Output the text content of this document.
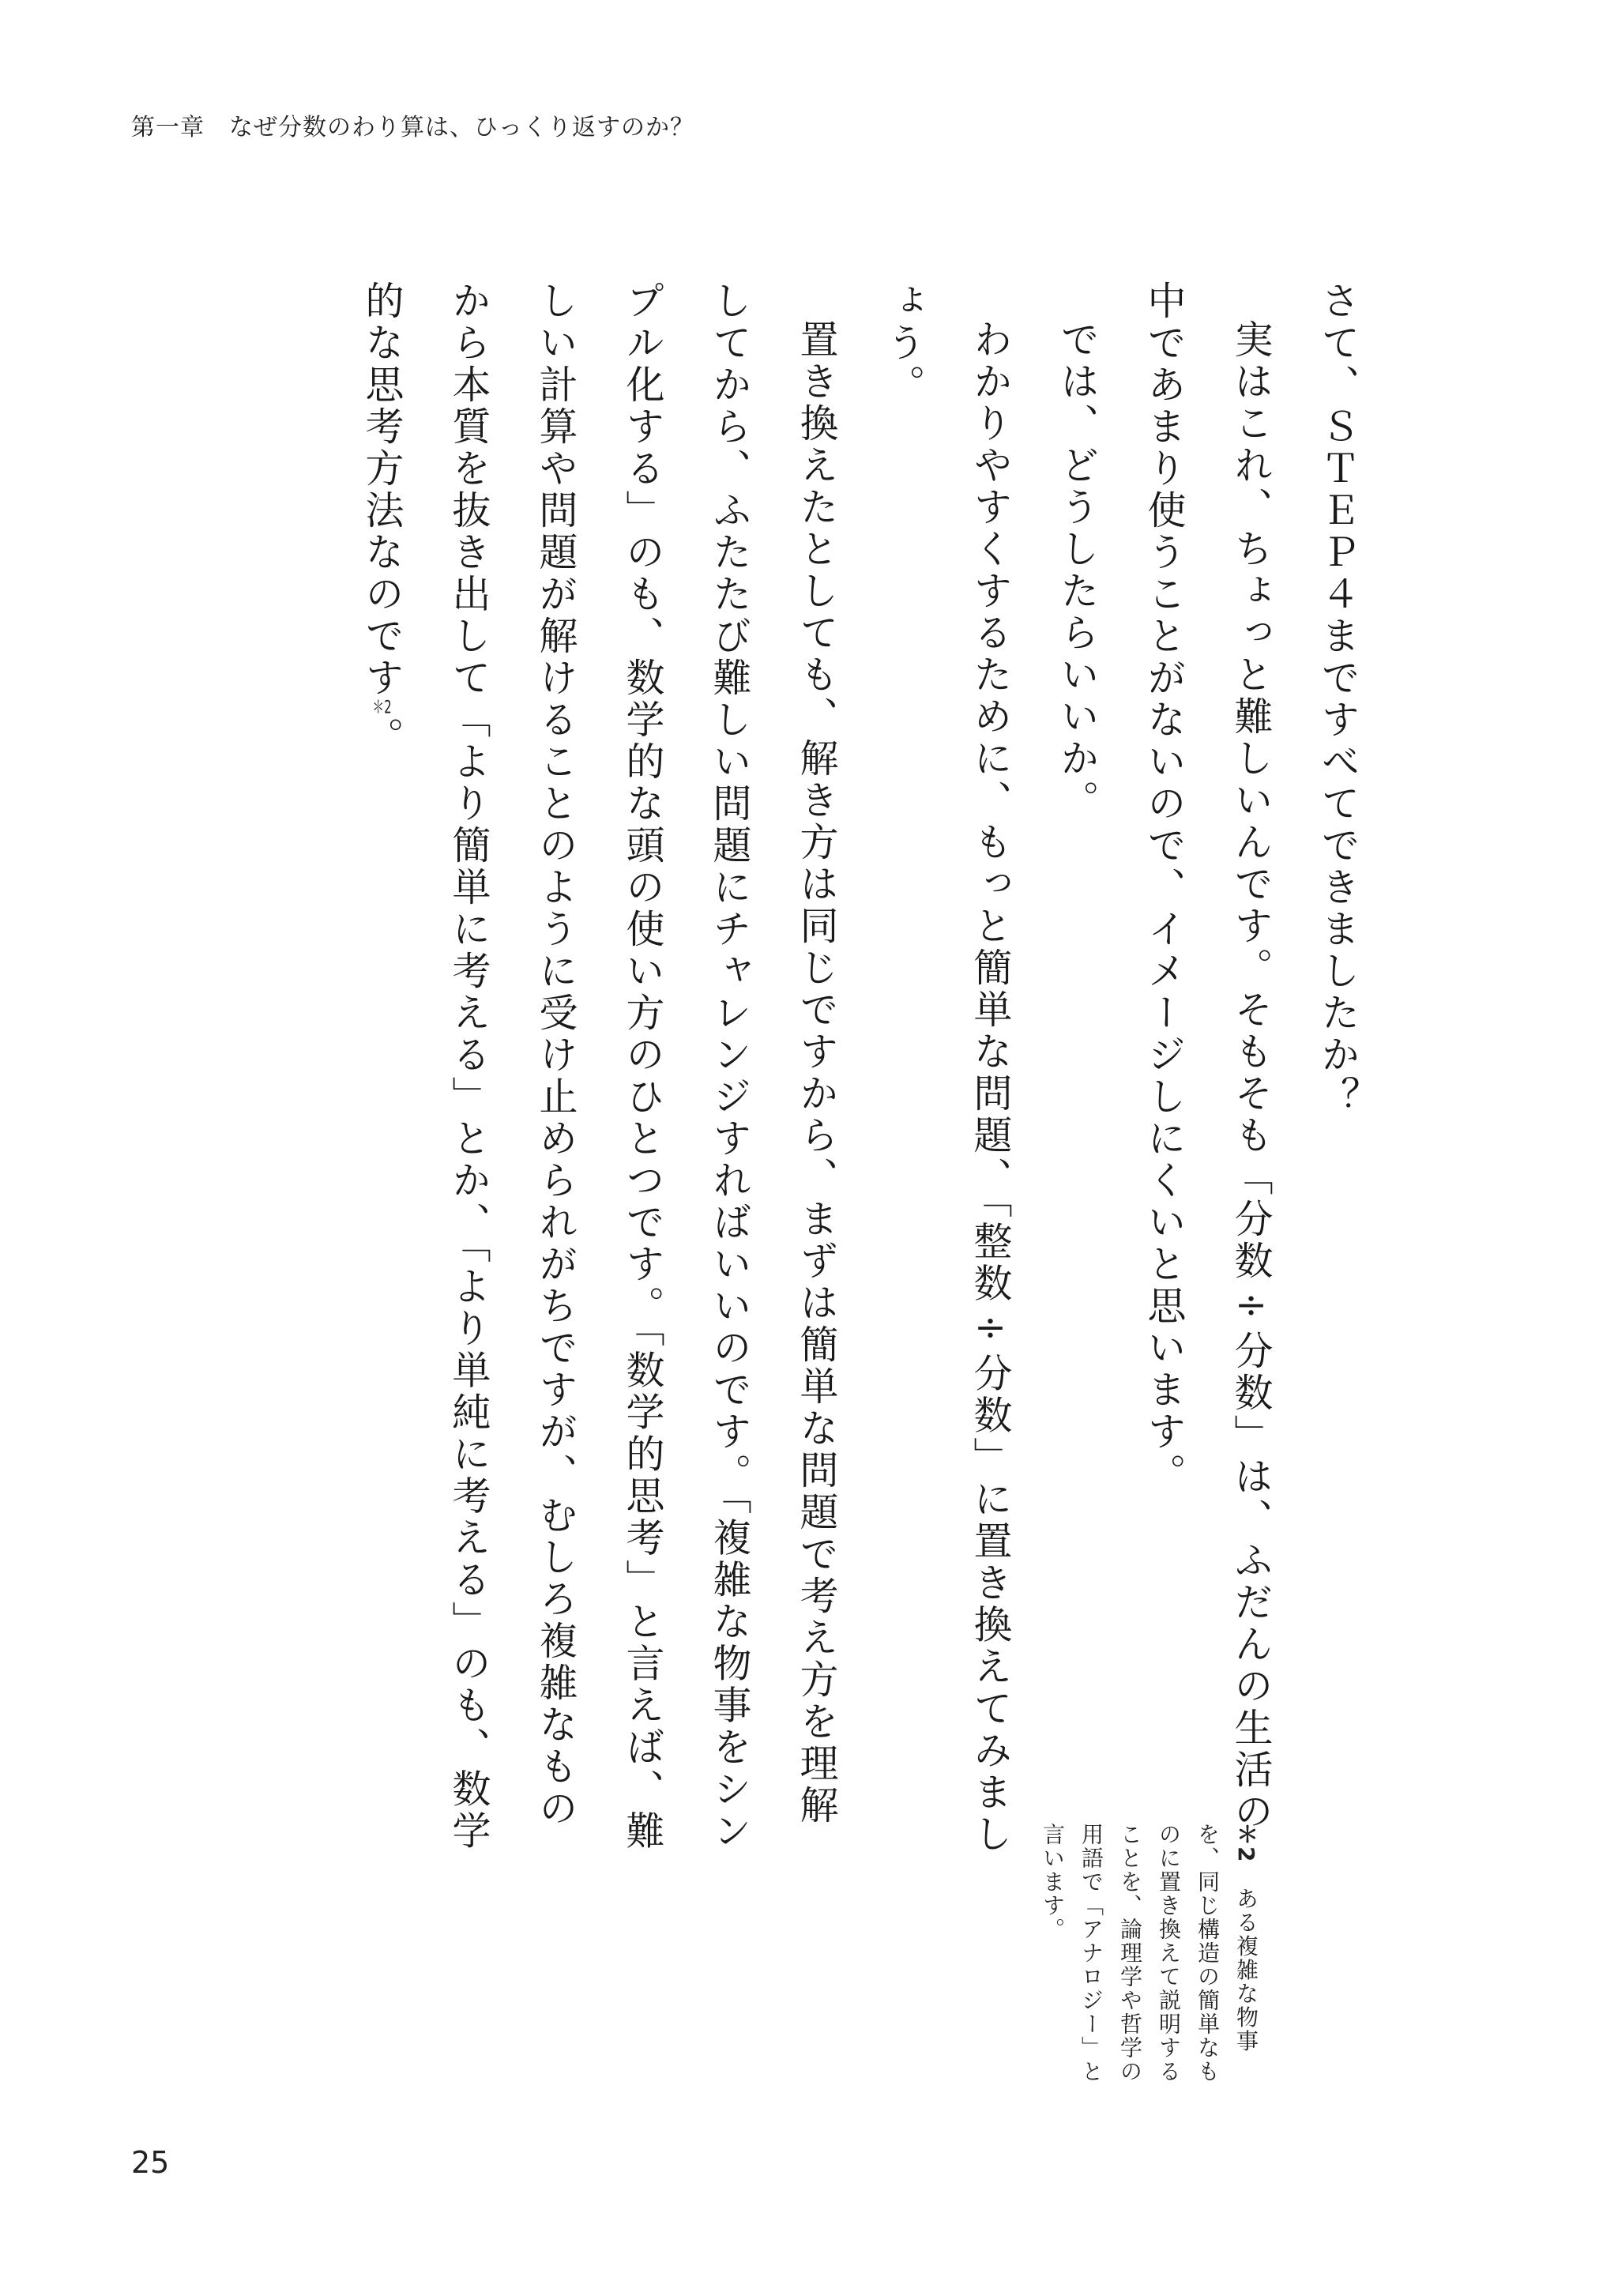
第一章　なぜ分数のわり算は、ひっくり返すのか？

さて、ＳＴＥＰ４まですべてできましたか？

実はこれ、ちょっと難しいんです。そもそも「分数÷分数」は、ふだんの生活の中であまり使うことがないので、イメージしにくいと思います。

では、どうしたらいいか。

わかりやすくするために、もっと簡単な問題、「整数÷分数」に置き換えてみましょう。

置き換えたとしても、解き方は同じですから、まずは簡単な問題で考え方を理解してから、ふたたび難しい問題にチャレンジすればいいのです。「複雑な物事をシンプル化する」のも、数学的な頭の使い方のひとつです。「数学的思考」と言えば、難しい計算や問題が解けることのように受け止められがちですが、むしろ複雑なものから本質を抜き出して「より簡単に考える」とか、「より単純に考える」のも、数学的な思考方法なのです＊2。

＊2　ある複雑な物事を、同じ構造の簡単なものに置き換えて説明することを、論理学や哲学の用語で「アナロジー」と言います。
25
